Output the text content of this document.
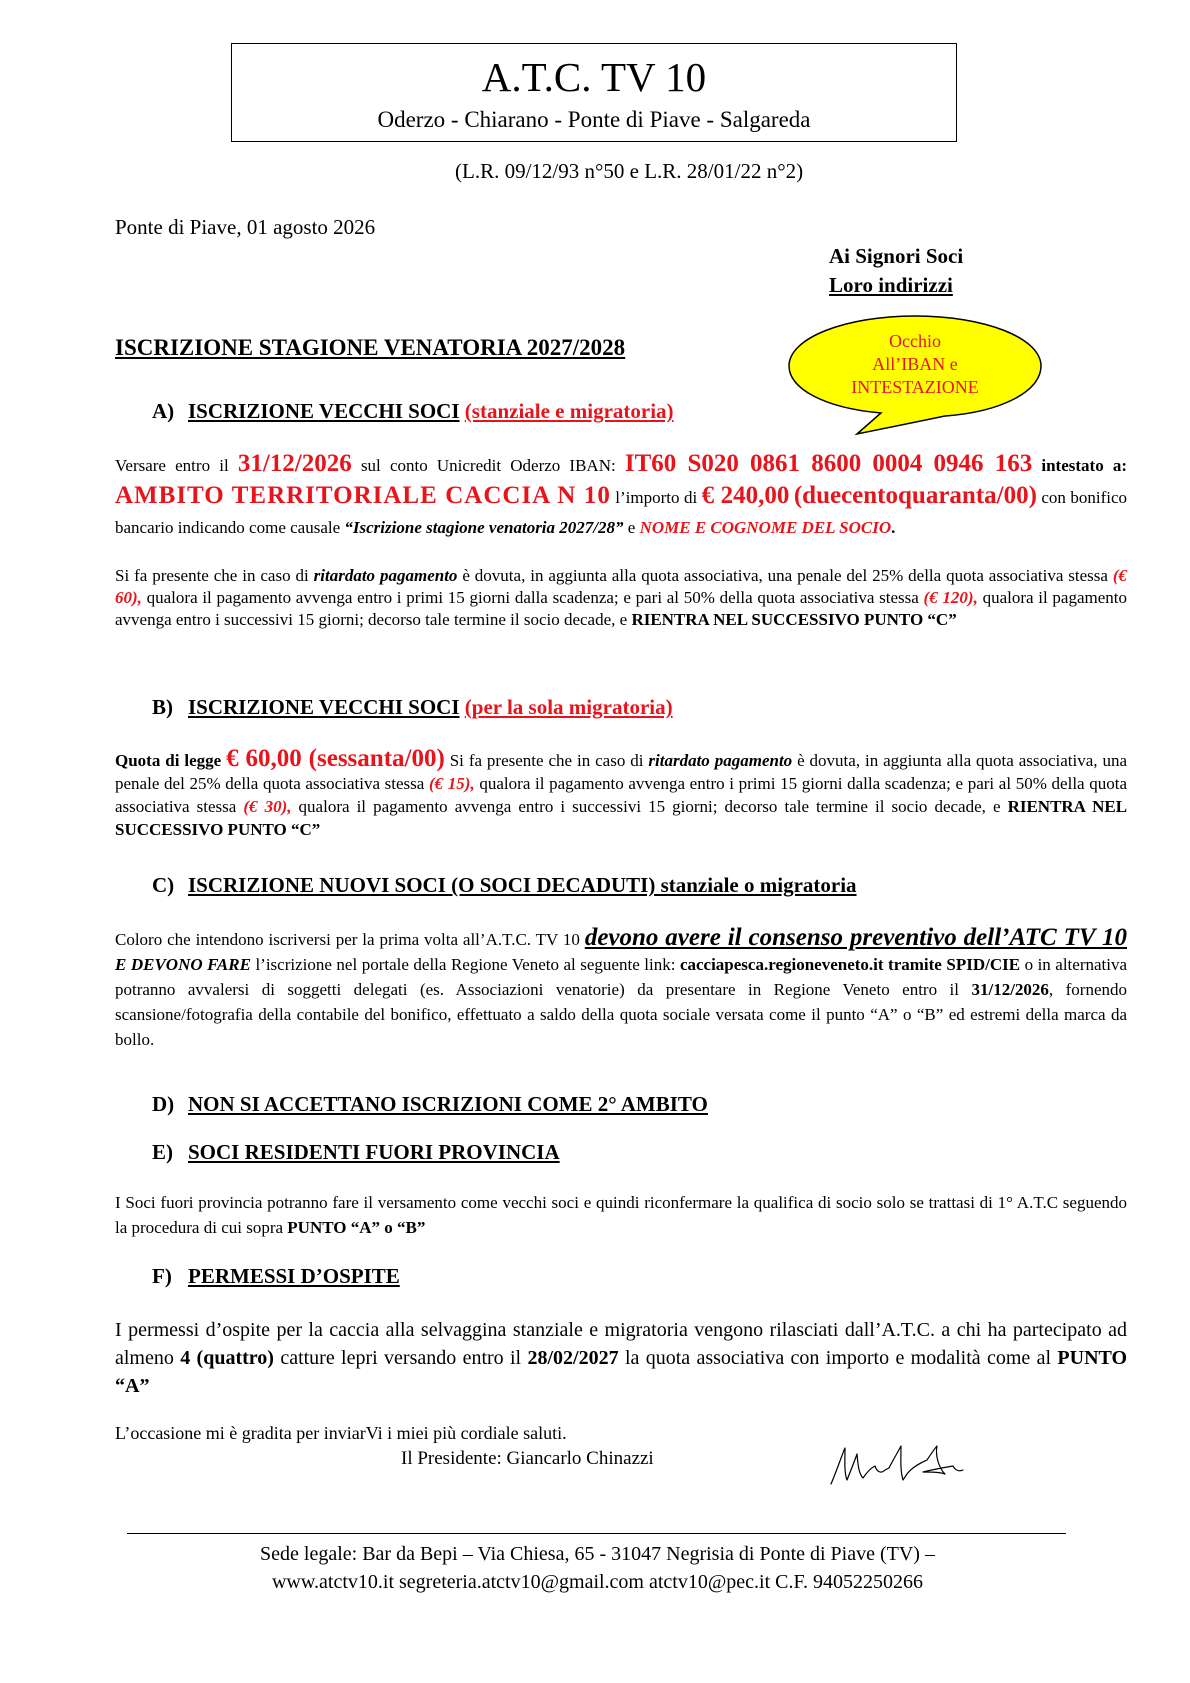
A.T.C. TV 10
Oderzo - Chiarano - Ponte di Piave - Salgareda
(L.R. 09/12/93 n°50 e L.R. 28/01/22 n°2)
Ponte di Piave, 01 agosto 2026
Ai Signori Soci
Loro indirizzi
Occhio
All’IBAN e
INTESTAZIONE
ISCRIZIONE STAGIONE VENATORIA 2027/2028
A) ISCRIZIONE VECCHI SOCI (stanziale e migratoria)
Versare entro il 31/12/2026 sul conto Unicredit Oderzo IBAN: IT60 S020 0861 8600 0004 0946 163 intestato a: AMBITO TERRITORIALE CACCIA N 10 l’importo di € 240,00 (duecentoquaranta/00) con bonifico bancario indicando come causale “Iscrizione stagione venatoria 2027/28” e NOME E COGNOME DEL SOCIO.
Si fa presente che in caso di ritardato pagamento è dovuta, in aggiunta alla quota associativa, una penale del 25% della quota associativa stessa (€ 60), qualora il pagamento avvenga entro i primi 15 giorni dalla scadenza; e pari al 50% della quota associativa stessa (€ 120), qualora il pagamento avvenga entro i successivi 15 giorni; decorso tale termine il socio decade, e RIENTRA NEL SUCCESSIVO PUNTO “C”
B) ISCRIZIONE VECCHI SOCI (per la sola migratoria)
Quota di legge € 60,00 (sessanta/00) Si fa presente che in caso di ritardato pagamento è dovuta, in aggiunta alla quota associativa, una penale del 25% della quota associativa stessa (€ 15), qualora il pagamento avvenga entro i primi 15 giorni dalla scadenza; e pari al 50% della quota associativa stessa (€ 30), qualora il pagamento avvenga entro i successivi 15 giorni; decorso tale termine il socio decade, e RIENTRA NEL SUCCESSIVO PUNTO “C”
C) ISCRIZIONE NUOVI SOCI (O SOCI DECADUTI) stanziale o migratoria
Coloro che intendono iscriversi per la prima volta all’A.T.C. TV 10 devono avere il consenso preventivo dell’ATC TV 10 E DEVONO FARE l’iscrizione nel portale della Regione Veneto al seguente link: cacciapesca.regioneveneto.it tramite SPID/CIE o in alternativa potranno avvalersi di soggetti delegati (es. Associazioni venatorie) da presentare in Regione Veneto entro il 31/12/2026, fornendo scansione/fotografia della contabile del bonifico, effettuato a saldo della quota sociale versata come il punto “A” o “B” ed estremi della marca da bollo.
D) NON SI ACCETTANO ISCRIZIONI COME 2° AMBITO
E) SOCI RESIDENTI FUORI PROVINCIA
I Soci fuori provincia potranno fare il versamento come vecchi soci e quindi riconfermare la qualifica di socio solo se trattasi di 1° A.T.C seguendo la procedura di cui sopra PUNTO “A” o “B”
F) PERMESSI D’OSPITE
I permessi d’ospite per la caccia alla selvaggina stanziale e migratoria vengono rilasciati dall’A.T.C. a chi ha partecipato ad almeno 4 (quattro) catture lepri versando entro il 28/02/2027 la quota associativa con importo e modalità come al PUNTO “A”
L’occasione mi è gradita per inviarVi i miei più cordiale saluti.
Il Presidente: Giancarlo Chinazzi
Sede legale: Bar da Bepi – Via Chiesa, 65 - 31047 Negrisia di Ponte di Piave (TV) –
www.atctv10.it segreteria.atctv10@gmail.com atctv10@pec.it C.F. 94052250266
